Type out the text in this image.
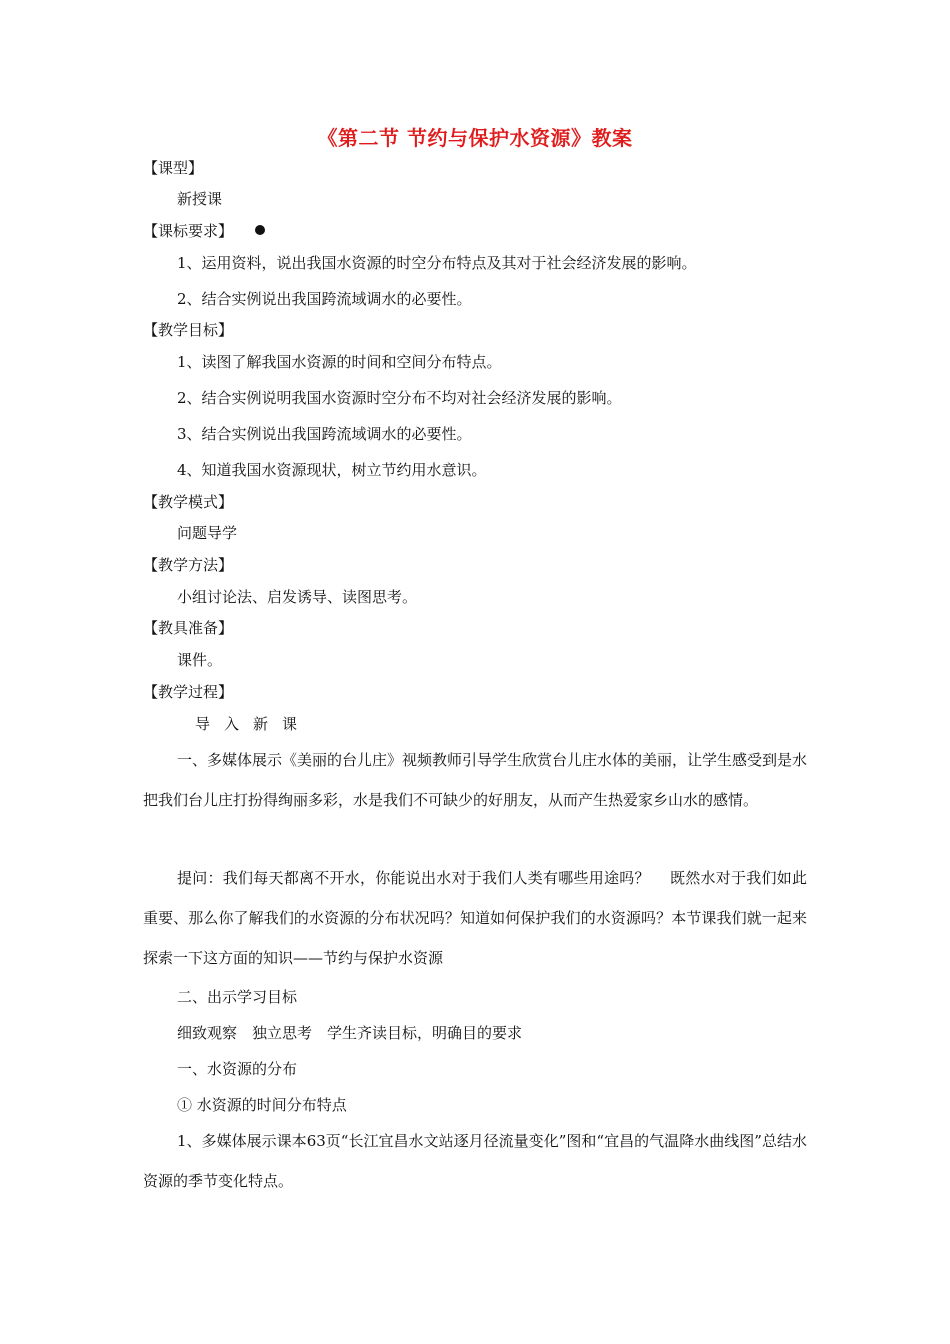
《第二节 节约与保护水资源》教案
【课型】
新授课
【课标要求】
1、运用资料，说出我国水资源的时空分布特点及其对于社会经济发展的影响。
2、结合实例说出我国跨流域调水的必要性。
【教学目标】
1、读图了解我国水资源的时间和空间分布特点。
2、结合实例说明我国水资源时空分布不均对社会经济发展的影响。
3、结合实例说出我国跨流域调水的必要性。
4、知道我国水资源现状，树立节约用水意识。
【教学模式】
问题导学
【教学方法】
小组讨论法、启发诱导、读图思考。
【教具准备】
课件。
【教学过程】
导入新课
一、多媒体展示《美丽的台儿庄》视频教师引导学生欣赏台儿庄水体的美丽，让学生感受到是水把我们台儿庄打扮得绚丽多彩，水是我们不可缺少的好朋友，从而产生热爱家乡山水的感情。
提问：我们每天都离不开水，你能说出水对于我们人类有哪些用途吗？　 既然水对于我们如此重要、那么你了解我们的水资源的分布状况吗？知道如何保护我们的水资源吗？本节课我们就一起来探索一下这方面的知识——节约与保护水资源
二、出示学习目标
细致观察　独立思考　学生齐读目标，明确目的要求
一、水资源的分布
① 水资源的时间分布特点
1、多媒体展示课本63页“长江宜昌水文站逐月径流量变化”图和“宜昌的气温降水曲线图”总结水资源的季节变化特点。
